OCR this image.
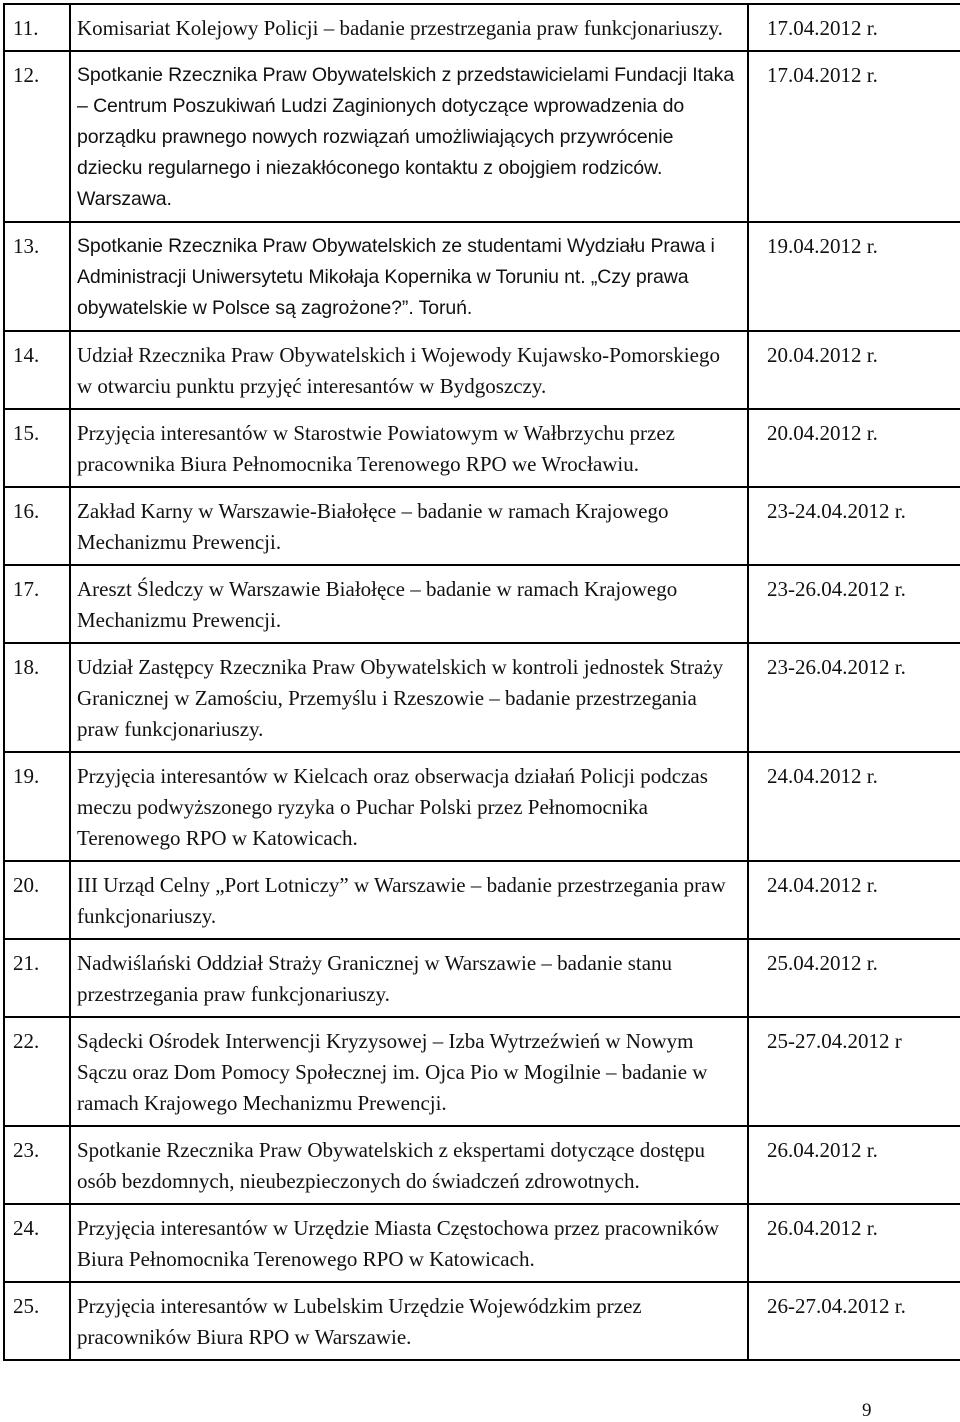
11.	Komisariat Kolejowy Policji – badanie przestrzegania praw funkcjonariuszy.	17.04.2012 r.
12.	Spotkanie Rzecznika Praw Obywatelskich z przedstawicielami Fundacji Itaka – Centrum Poszukiwań Ludzi Zaginionych dotyczące wprowadzenia do porządku prawnego nowych rozwiązań umożliwiających przywrócenie dziecku regularnego i niezakłóconego kontaktu z obojgiem rodziców. Warszawa.	17.04.2012 r.
13.	Spotkanie Rzecznika Praw Obywatelskich ze studentami Wydziału Prawa i Administracji Uniwersytetu Mikołaja Kopernika w Toruniu nt. „Czy prawa obywatelskie w Polsce są zagrożone?”. Toruń.	19.04.2012 r.
14.	Udział Rzecznika Praw Obywatelskich i Wojewody Kujawsko-Pomorskiego w otwarciu punktu przyjęć interesantów w Bydgoszczy.	20.04.2012 r.
15.	Przyjęcia interesantów w Starostwie Powiatowym w Wałbrzychu przez pracownika Biura Pełnomocnika Terenowego RPO we Wrocławiu.	20.04.2012 r.
16.	Zakład Karny w Warszawie-Białołęce – badanie w ramach Krajowego Mechanizmu Prewencji.	23-24.04.2012 r.
17.	Areszt Śledczy w Warszawie Białołęce – badanie w ramach Krajowego Mechanizmu Prewencji.	23-26.04.2012 r.
18.	Udział Zastępcy Rzecznika Praw Obywatelskich w kontroli jednostek Straży Granicznej w Zamościu, Przemyślu i Rzeszowie – badanie przestrzegania praw funkcjonariuszy.	23-26.04.2012 r.
19.	Przyjęcia interesantów w Kielcach oraz obserwacja działań Policji podczas meczu podwyższonego ryzyka o Puchar Polski przez Pełnomocnika Terenowego RPO w Katowicach.	24.04.2012 r.
20.	III Urząd Celny „Port Lotniczy” w Warszawie – badanie przestrzegania praw funkcjonariuszy.	24.04.2012 r.
21.	Nadwiślański Oddział Straży Granicznej w Warszawie – badanie stanu przestrzegania praw funkcjonariuszy.	25.04.2012 r.
22.	Sądecki Ośrodek Interwencji Kryzysowej – Izba Wytrzeźwień w Nowym Sączu oraz Dom Pomocy Społecznej im. Ojca Pio w Mogilnie – badanie w ramach Krajowego Mechanizmu Prewencji.	25-27.04.2012 r
23.	Spotkanie Rzecznika Praw Obywatelskich z ekspertami dotyczące dostępu osób bezdomnych, nieubezpieczonych do świadczeń zdrowotnych.	26.04.2012 r.
24.	Przyjęcia interesantów w Urzędzie Miasta Częstochowa przez pracowników Biura Pełnomocnika Terenowego RPO w Katowicach.	26.04.2012 r.
25.	Przyjęcia interesantów w Lubelskim Urzędzie Wojewódzkim przez pracowników Biura RPO w Warszawie.	26-27.04.2012 r.
9
